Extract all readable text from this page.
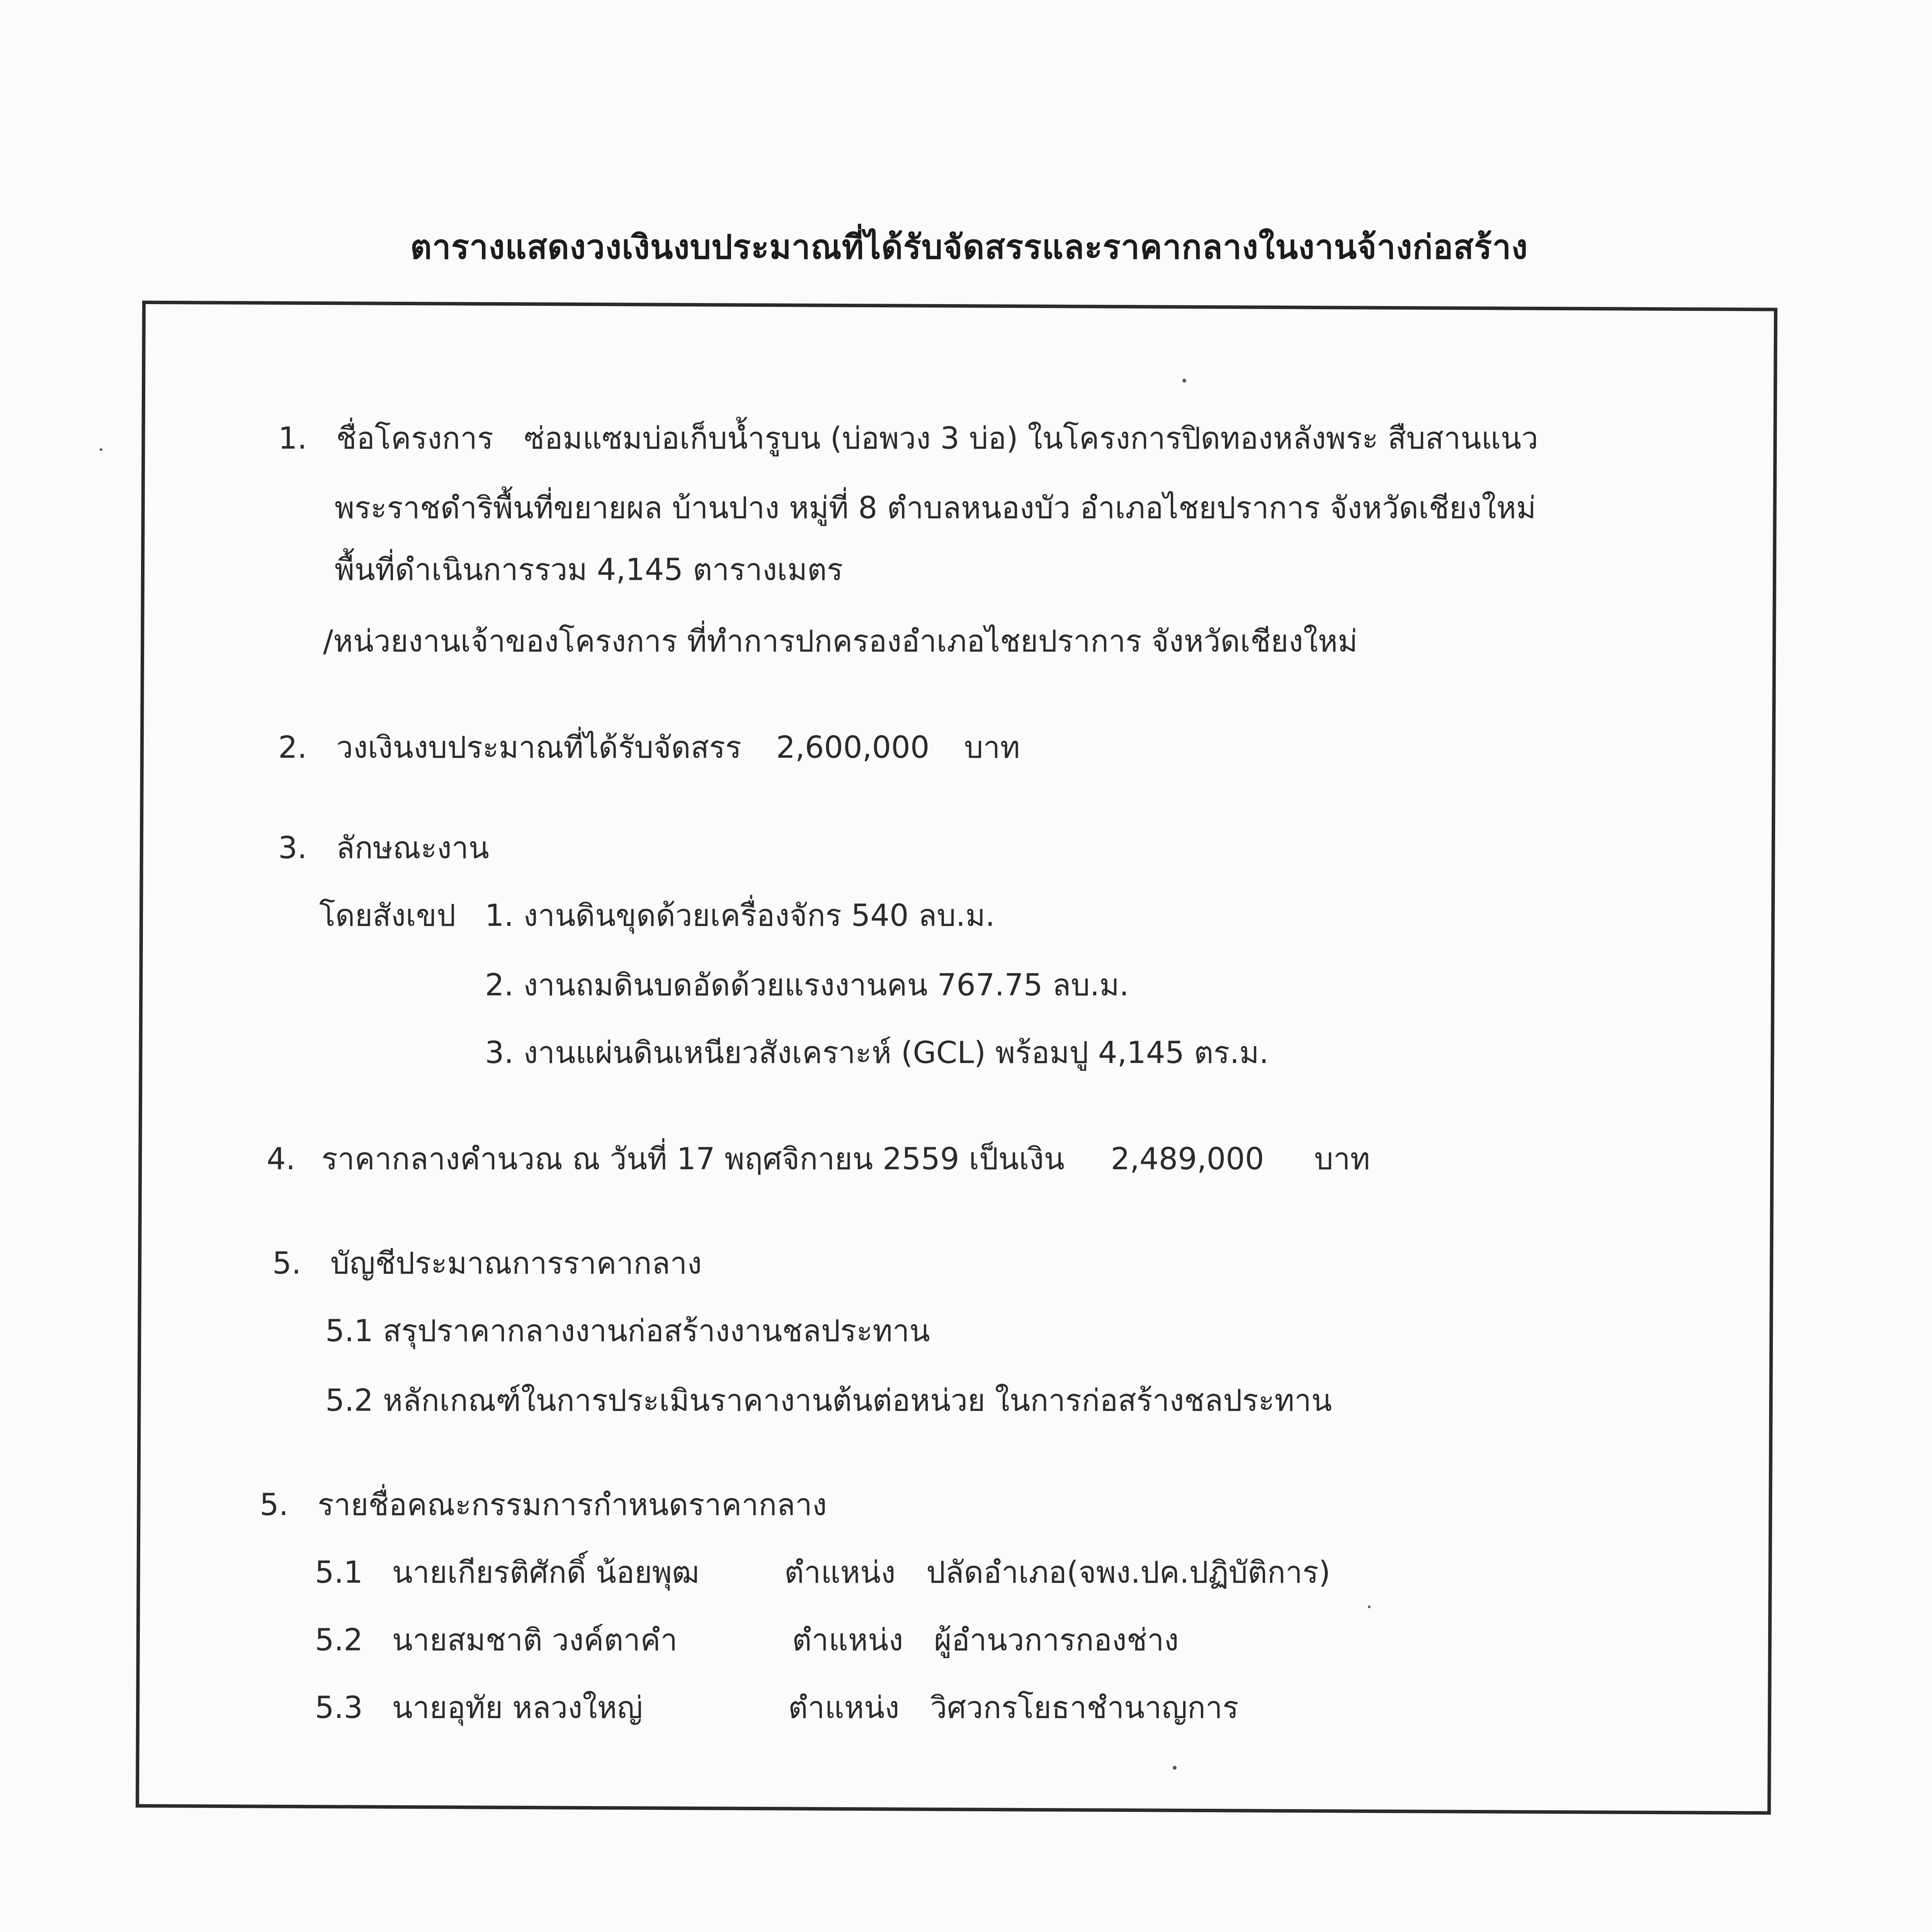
ตารางแสดงวงเงินงบประมาณที่ได้รับจัดสรรและราคากลางในงานจ้างก่อสร้าง
1. ชื่อโครงการ ซ่อมแซมบ่อเก็บน้ำรูบน (บ่อพวง 3 บ่อ) ในโครงการปิดทองหลังพระ สืบสานแนว
พระราชดำริพื้นที่ขยายผล บ้านปาง หมู่ที่ 8 ตำบลหนองบัว อำเภอไชยปราการ จังหวัดเชียงใหม่
พื้นที่ดำเนินการรวม 4,145 ตารางเมตร
/หน่วยงานเจ้าของโครงการ ที่ทำการปกครองอำเภอไชยปราการ จังหวัดเชียงใหม่
2. วงเงินงบประมาณที่ได้รับจัดสรร 2,600,000 บาท
3. ลักษณะงาน
โดยสังเขป 1. งานดินขุดด้วยเครื่องจักร 540 ลบ.ม.
2. งานถมดินบดอัดด้วยแรงงานคน 767.75 ลบ.ม.
3. งานแผ่นดินเหนียวสังเคราะห์ (GCL) พร้อมปู 4,145 ตร.ม.
4. ราคากลางคำนวณ ณ วันที่ 17 พฤศจิกายน 2559 เป็นเงิน 2,489,000 บาท
5. บัญชีประมาณการราคากลาง
5.1 สรุปราคากลางงานก่อสร้างงานชลประทาน
5.2 หลักเกณฑ์ในการประเมินราคางานต้นต่อหน่วย ในการก่อสร้างชลประทาน
5. รายชื่อคณะกรรมการกำหนดราคากลาง
5.1 นายเกียรติศักดิ์ น้อยพุฒ	ตำแหน่ง ปลัดอำเภอ(จพง.ปค.ปฏิบัติการ)
5.2 นายสมชาติ วงค์ตาคำ	ตำแหน่ง ผู้อำนวการกองช่าง
5.3 นายอุทัย หลวงใหญ่	ตำแหน่ง วิศวกรโยธาชำนาญการ
